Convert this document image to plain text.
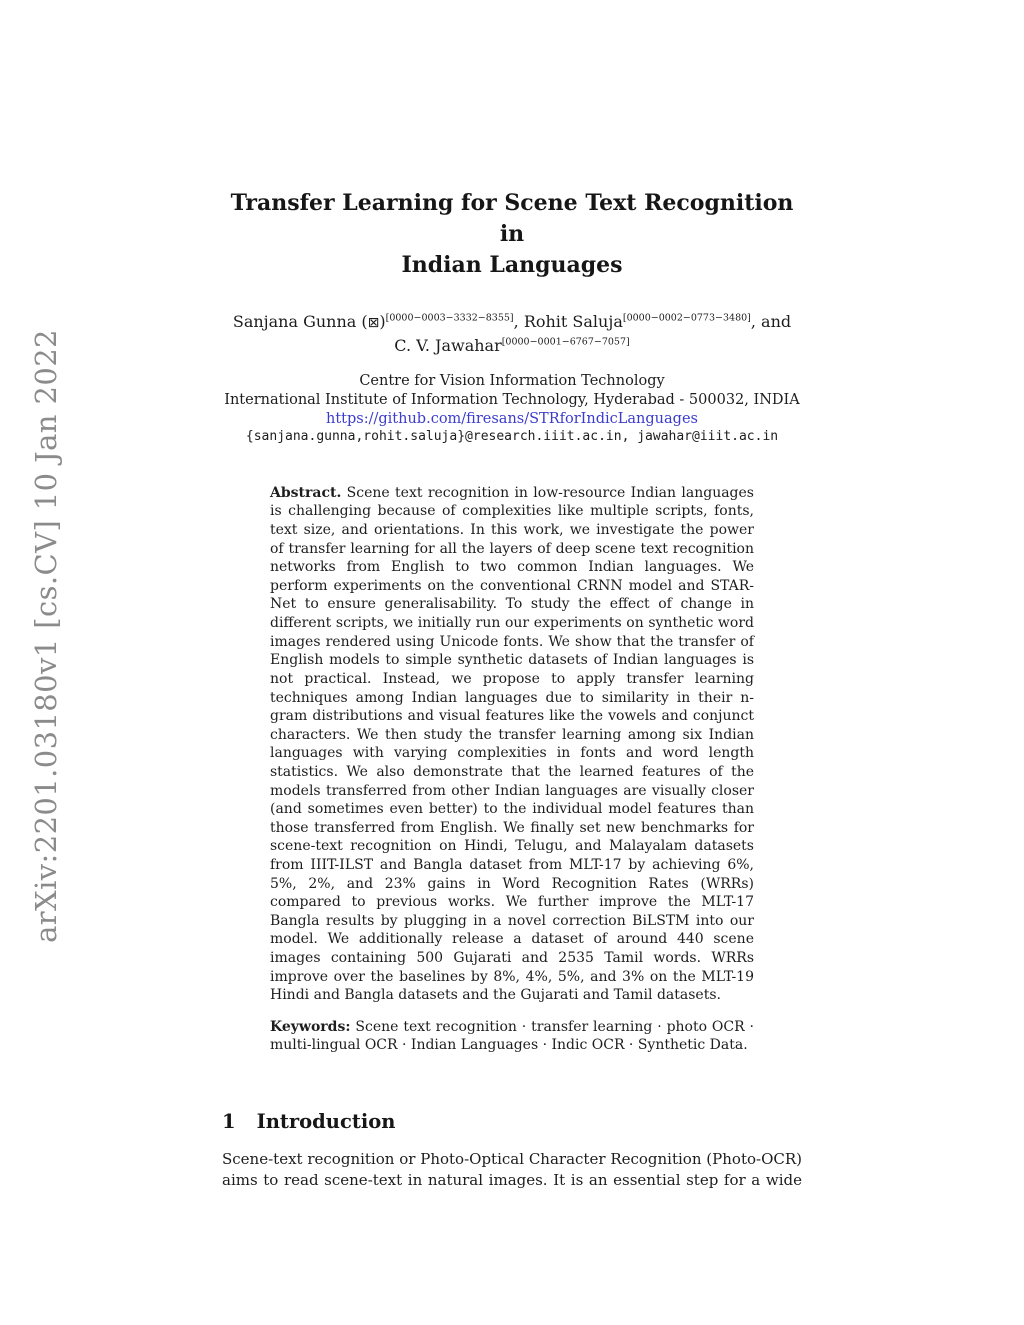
arXiv:2201.03180v1 [cs.CV] 10 Jan 2022
Transfer Learning for Scene Text Recognition in
Indian Languages
Sanjana Gunna (⊠)[0000−0003−3332−8355], Rohit Saluja[0000−0002−0773−3480], and
C. V. Jawahar[0000−0001−6767−7057]
Centre for Vision Information Technology
International Institute of Information Technology, Hyderabad - 500032, INDIA
https://github.com/firesans/STRforIndicLanguages
{sanjana.gunna,rohit.saluja}@research.iiit.ac.in, jawahar@iiit.ac.in

Abstract. Scene text recognition in low-resource Indian languages is challenging because of complexities like multiple scripts, fonts, text size, and orientations. In this work, we investigate the power of transfer learning for all the layers of deep scene text recognition networks from English to two common Indian languages. We perform experiments on the conventional CRNN model and STAR-Net to ensure generalisability. To study the effect of change in different scripts, we initially run our experiments on synthetic word images rendered using Unicode fonts. We show that the transfer of English models to simple synthetic datasets of Indian languages is not practical. Instead, we propose to apply transfer learning techniques among Indian languages due to similarity in their n-gram distributions and visual features like the vowels and conjunct characters. We then study the transfer learning among six Indian languages with varying complexities in fonts and word length statistics. We also demonstrate that the learned features of the models transferred from other Indian languages are visually closer (and sometimes even better) to the individual model features than those transferred from English. We finally set new benchmarks for scene-text recognition on Hindi, Telugu, and Malayalam datasets from IIIT-ILST and Bangla dataset from MLT-17 by achieving 6%, 5%, 2%, and 23% gains in Word Recognition Rates (WRRs) compared to previous works. We further improve the MLT-17 Bangla results by plugging in a novel correction BiLSTM into our model. We additionally release a dataset of around 440 scene images containing 500 Gujarati and 2535 Tamil words. WRRs improve over the baselines by 8%, 4%, 5%, and 3% on the MLT-19 Hindi and Bangla datasets and the Gujarati and Tamil datasets.

Keywords: Scene text recognition · transfer learning · photo OCR · multi-lingual OCR · Indian Languages · Indic OCR · Synthetic Data.

1 Introduction

Scene-text recognition or Photo-Optical Character Recognition (Photo-OCR) aims to read scene-text in natural images. It is an essential step for a wide
